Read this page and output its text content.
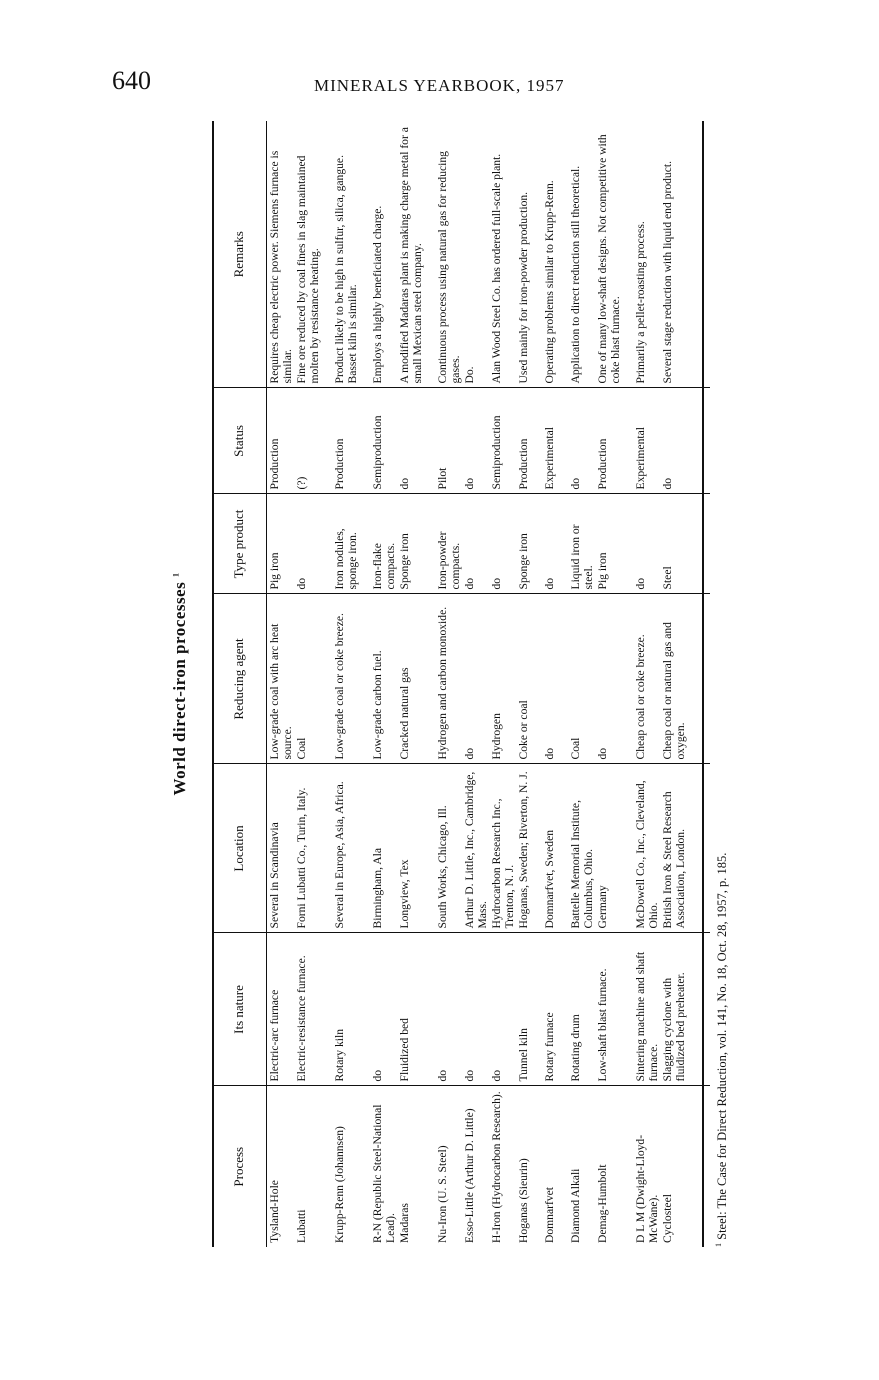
640	MINERALS YEARBOOK, 1957
World direct-iron processes $^1$
Process	Its nature	Location	Reducing agent	Type product	Status	Remarks
Tysland-Hole	Electric-arc furnace	Several in Scandinavia	Low-grade coal with arc heat source.	Pig iron	Production	Requires cheap electric power. Siemens furnace is similar.
Lubatti	Electric-resistance furnace.	Forni Lubatti Co., Turin, Italy.	Coal	do	(?)	Fine ore reduced by coal fines in slag maintained molten by resistance heating.
Krupp-Renn (Johannsen)	Rotary kiln	Several in Europe, Asia, Africa.	Low-grade coal or coke breeze.	Iron nodules, sponge iron.	Production	Product likely to be high in sulfur, silica, gangue. Basset kiln is similar.
R-N (Republic Steel-National Lead).	do	Birmingham, Ala	Low-grade carbon fuel.	Iron-flake compacts.	Semiproduction	Employs a highly beneficiated charge.
Madaras	Fluidized bed	Longview, Tex	Cracked natural gas	Sponge iron	do	A modified Madaras plant is making charge metal for a small Mexican steel company.
Nu-Iron (U. S. Steel)	do	South Works, Chicago, Ill.	Hydrogen and carbon monoxide.	Iron-powder compacts.	Pilot	Continuous process using natural gas for reducing gases.
Esso-Little (Arthur D. Little)	do	Arthur D. Little, Inc., Cambridge, Mass.	do	do	do	Do.
H-Iron (Hydrocarbon Research).	do	Hydrocarbon Research Inc., Trenton, N. J.	Hydrogen	do	Semiproduction	Alan Wood Steel Co. has ordered full-scale plant.
Hoganas (Sieurin)	Tunnel kiln	Hoganas, Sweden; Riverton, N. J.	Coke or coal	Sponge iron	Production	Used mainly for iron-powder production.
Domnarfvet	Rotary furnace	Domnarfvet, Sweden	do	do	Experimental	Operating problems similar to Krupp-Renn.
Diamond Alkali	Rotating drum	Battelle Memorial Institute, Columbus, Ohio.	Coal	Liquid iron or steel.	do	Application to direct reduction still theoretical.
Demag-Humbolt	Low-shaft blast furnace.	Germany	do	Pig iron	Production	One of many low-shaft designs. Not competitive with coke blast furnace.
D L M (Dwight-Lloyd-McWane).	Sintering machine and shaft furnace.	McDowell Co., Inc., Cleveland, Ohio.	Cheap coal or coke breeze.	do	Experimental	Primarily a pellet-roasting process.
Cyclosteel	Slagging cyclone with fluidized bed preheater.	British Iron & Steel Research Association, London.	Cheap coal or natural gas and oxygen.	Steel	do	Several stage reduction with liquid end product.
$^1$ Steel: The Case for Direct Reduction, vol. 141, No. 18, Oct. 28, 1957, p. 185.
